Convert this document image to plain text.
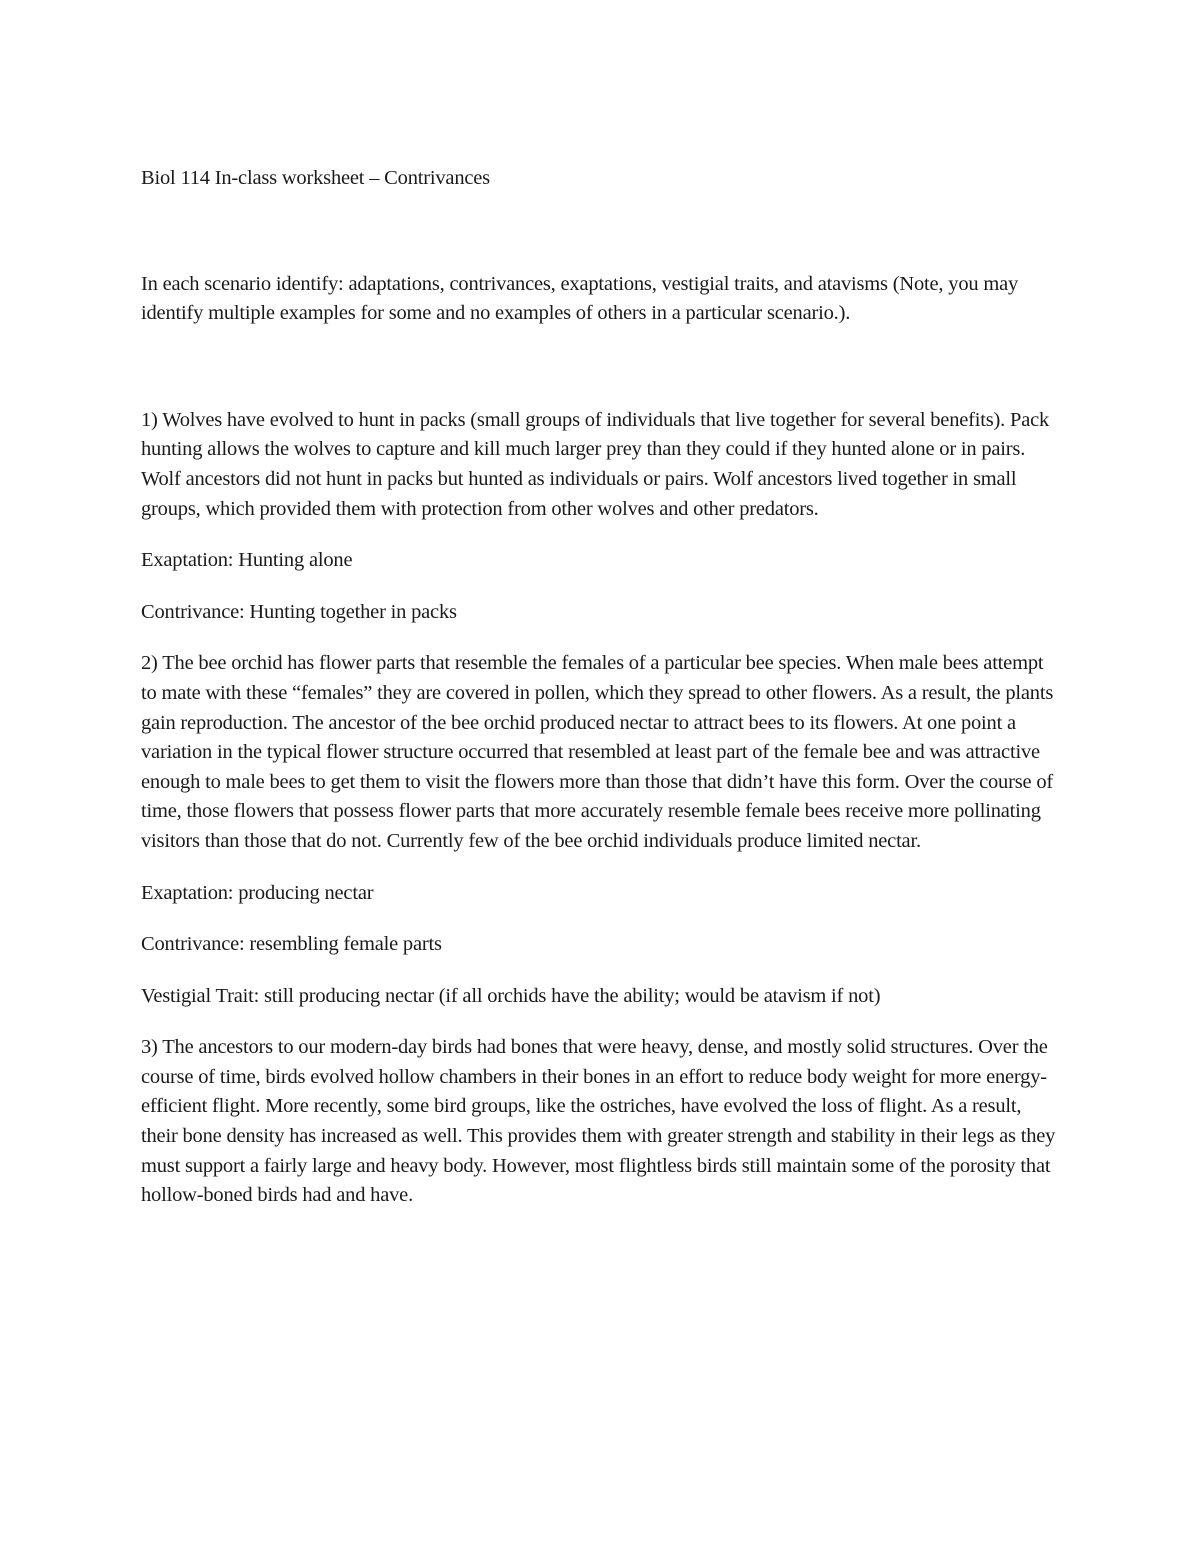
Biol 114 In-class worksheet – Contrivances

In each scenario identify: adaptations, contrivances, exaptations, vestigial traits, and atavisms (Note, you may identify multiple examples for some and no examples of others in a particular scenario.).

1) Wolves have evolved to hunt in packs (small groups of individuals that live together for several benefits). Pack hunting allows the wolves to capture and kill much larger prey than they could if they hunted alone or in pairs. Wolf ancestors did not hunt in packs but hunted as individuals or pairs. Wolf ancestors lived together in small groups, which provided them with protection from other wolves and other predators.

Exaptation: Hunting alone

Contrivance: Hunting together in packs

2) The bee orchid has flower parts that resemble the females of a particular bee species. When male bees attempt to mate with these “females” they are covered in pollen, which they spread to other flowers. As a result, the plants gain reproduction. The ancestor of the bee orchid produced nectar to attract bees to its flowers. At one point a variation in the typical flower structure occurred that resembled at least part of the female bee and was attractive enough to male bees to get them to visit the flowers more than those that didn’t have this form. Over the course of time, those flowers that possess flower parts that more accurately resemble female bees receive more pollinating visitors than those that do not. Currently few of the bee orchid individuals produce limited nectar.

Exaptation: producing nectar

Contrivance: resembling female parts

Vestigial Trait: still producing nectar (if all orchids have the ability; would be atavism if not)

3) The ancestors to our modern-day birds had bones that were heavy, dense, and mostly solid structures. Over the course of time, birds evolved hollow chambers in their bones in an effort to reduce body weight for more energy-efficient flight. More recently, some bird groups, like the ostriches, have evolved the loss of flight. As a result, their bone density has increased as well. This provides them with greater strength and stability in their legs as they must support a fairly large and heavy body. However, most flightless birds still maintain some of the porosity that hollow-boned birds had and have.
